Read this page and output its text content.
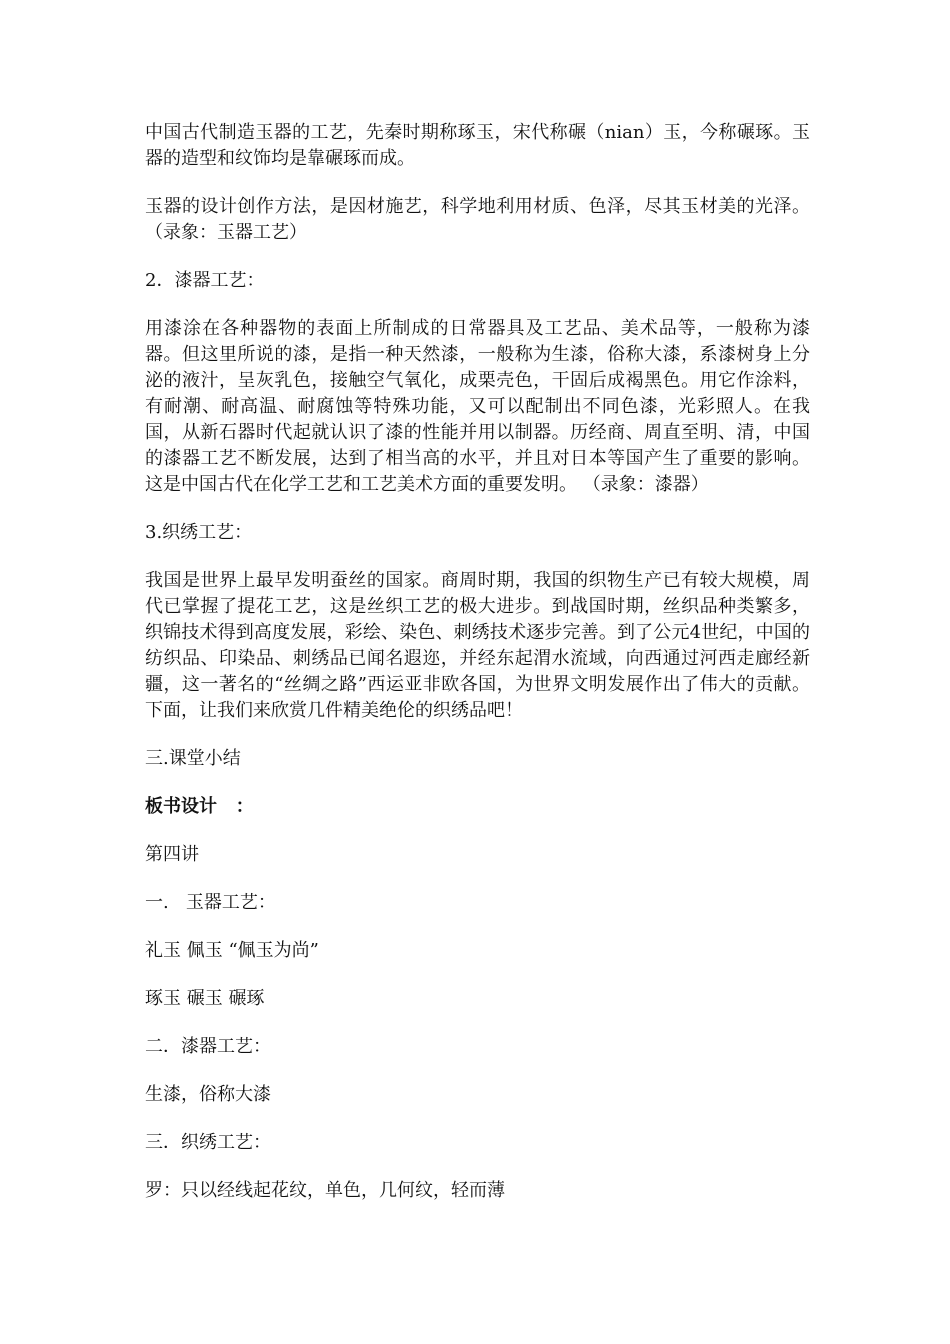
中国古代制造玉器的工艺，先秦时期称琢玉，宋代称碾（nian）玉，今称碾琢。玉器的造型和纹饰均是靠碾琢而成。

玉器的设计创作方法，是因材施艺，科学地利用材质、色泽，尽其玉材美的光泽。（录象：玉器工艺）

2．漆器工艺：

用漆涂在各种器物的表面上所制成的日常器具及工艺品、美术品等，一般称为漆器。但这里所说的漆，是指一种天然漆，一般称为生漆，俗称大漆，系漆树身上分泌的液汁，呈灰乳色，接触空气氧化，成栗壳色，干固后成褐黑色。用它作涂料，有耐潮、耐高温、耐腐蚀等特殊功能，又可以配制出不同色漆，光彩照人。在我国，从新石器时代起就认识了漆的性能并用以制器。历经商、周直至明、清，中国的漆器工艺不断发展，达到了相当高的水平，并且对日本等国产生了重要的影响。这是中国古代在化学工艺和工艺美术方面的重要发明。 （录象：漆器）

3.织绣工艺：

我国是世界上最早发明蚕丝的国家。商周时期，我国的织物生产已有较大规模，周代已掌握了提花工艺，这是丝织工艺的极大进步。到战国时期，丝织品种类繁多，织锦技术得到高度发展，彩绘、染色、刺绣技术逐步完善。到了公元4世纪，中国的纺织品、印染品、刺绣品已闻名遐迩，并经东起渭水流域，向西通过河西走廊经新疆，这一著名的“丝绸之路”西运亚非欧各国，为世界文明发展作出了伟大的贡献。 下面，让我们来欣赏几件精美绝伦的织绣品吧！

三.课堂小结

板书设计   ：

第四讲

一.   玉器工艺：

礼玉 佩玉 “佩玉为尚”

琢玉 碾玉 碾琢

二．漆器工艺：

生漆，俗称大漆

三．织绣工艺：

罗：只以经线起花纹，单色，几何纹，轻而薄
